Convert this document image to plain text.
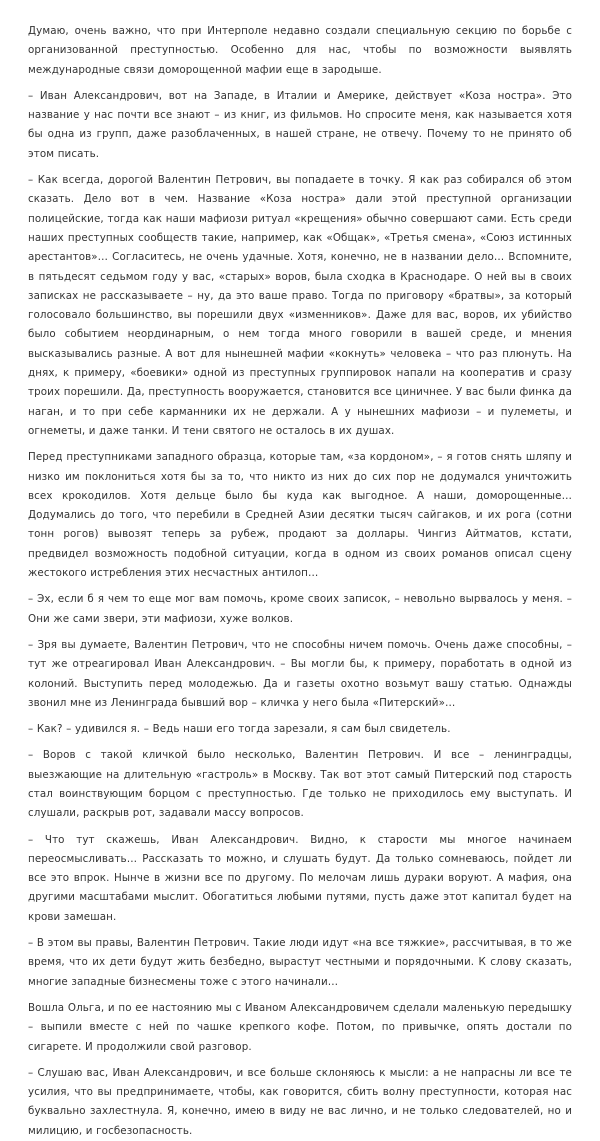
Думаю, очень важно, что при Интерполе недавно создали специальную секцию по борьбе с организованной преступностью. Особенно для нас, чтобы по возможности выявлять международные связи доморощенной мафии еще в зародыше.

– Иван Александрович, вот на Западе, в Италии и Америке, действует «Коза ностра». Это название у нас почти все знают – из книг, из фильмов. Но спросите меня, как называется хотя бы одна из групп, даже разоблаченных, в нашей стране, не отвечу. Почему то не принято об этом писать.

– Как всегда, дорогой Валентин Петрович, вы попадаете в точку. Я как раз собирался об этом сказать. Дело вот в чем. Название «Коза ностра» дали этой преступной организации полицейские, тогда как наши мафиози ритуал «крещения» обычно совершают сами. Есть среди наших преступных сообществ такие, например, как «Общак», «Третья смена», «Союз истинных арестантов»… Согласитесь, не очень удачные. Хотя, конечно, не в названии дело… Вспомните, в пятьдесят седьмом году у вас, «старых» воров, была сходка в Краснодаре. О ней вы в своих записках не рассказываете – ну, да это ваше право. Тогда по приговору «братвы», за который голосовало большинство, вы порешили двух «изменников». Даже для вас, воров, их убийство было событием неординарным, о нем тогда много говорили в вашей среде, и мнения высказывались разные. А вот для нынешней мафии «кокнуть» человека – что раз плюнуть. На днях, к примеру, «боевики» одной из преступных группировок напали на кооператив и сразу троих порешили. Да, преступность вооружается, становится все циничнее. У вас были финка да наган, и то при себе карманники их не держали. А у нынешних мафиози – и пулеметы, и огнеметы, и даже танки. И тени святого не осталось в их душах.

Перед преступниками западного образца, которые там, «за кордоном», – я готов снять шляпу и низко им поклониться хотя бы за то, что никто из них до сих пор не додумался уничтожить всех крокодилов. Хотя дельце было бы куда как выгодное. А наши, доморощенные… Додумались до того, что перебили в Средней Азии десятки тысяч сайгаков, и их рога (сотни тонн рогов) вывозят теперь за рубеж, продают за доллары. Чингиз Айтматов, кстати, предвидел возможность подобной ситуации, когда в одном из своих романов описал сцену жестокого истребления этих несчастных антилоп…

– Эх, если б я чем то еще мог вам помочь, кроме своих записок, – невольно вырвалось у меня. – Они же сами звери, эти мафиози, хуже волков.

– Зря вы думаете, Валентин Петрович, что не способны ничем помочь. Очень даже способны, – тут же отреагировал Иван Александрович. – Вы могли бы, к примеру, поработать в одной из колоний. Выступить перед молодежью. Да и газеты охотно возьмут вашу статью. Однажды звонил мне из Ленинграда бывший вор – кличка у него была «Питерский»…

– Как? – удивился я. – Ведь наши его тогда зарезали, я сам был свидетель.

– Воров с такой кличкой было несколько, Валентин Петрович. И все – ленинградцы, выезжающие на длительную «гастроль» в Москву. Так вот этот самый Питерский под старость стал воинствующим борцом с преступностью. Где только не приходилось ему выступать. И слушали, раскрыв рот, задавали массу вопросов.

– Что тут скажешь, Иван Александрович. Видно, к старости мы многое начинаем переосмысливать… Рассказать то можно, и слушать будут. Да только сомневаюсь, пойдет ли все это впрок. Нынче в жизни все по другому. По мелочам лишь дураки воруют. А мафия, она другими масштабами мыслит. Обогатиться любыми путями, пусть даже этот капитал будет на крови замешан.

– В этом вы правы, Валентин Петрович. Такие люди идут «на все тяжкие», рассчитывая, в то же время, что их дети будут жить безбедно, вырастут честными и порядочными. К слову сказать, многие западные бизнесмены тоже с этого начинали…

Вошла Ольга, и по ее настоянию мы с Иваном Александровичем сделали маленькую передышку – выпили вместе с ней по чашке крепкого кофе. Потом, по привычке, опять достали по сигарете. И продолжили свой разговор.

– Слушаю вас, Иван Александрович, и все больше склоняюсь к мысли: а не напрасны ли все те усилия, что вы предпринимаете, чтобы, как говорится, сбить волну преступности, которая нас буквально захлестнула. Я, конечно, имею в виду не вас лично, и не только следователей, но и милицию, и госбезопасность.
